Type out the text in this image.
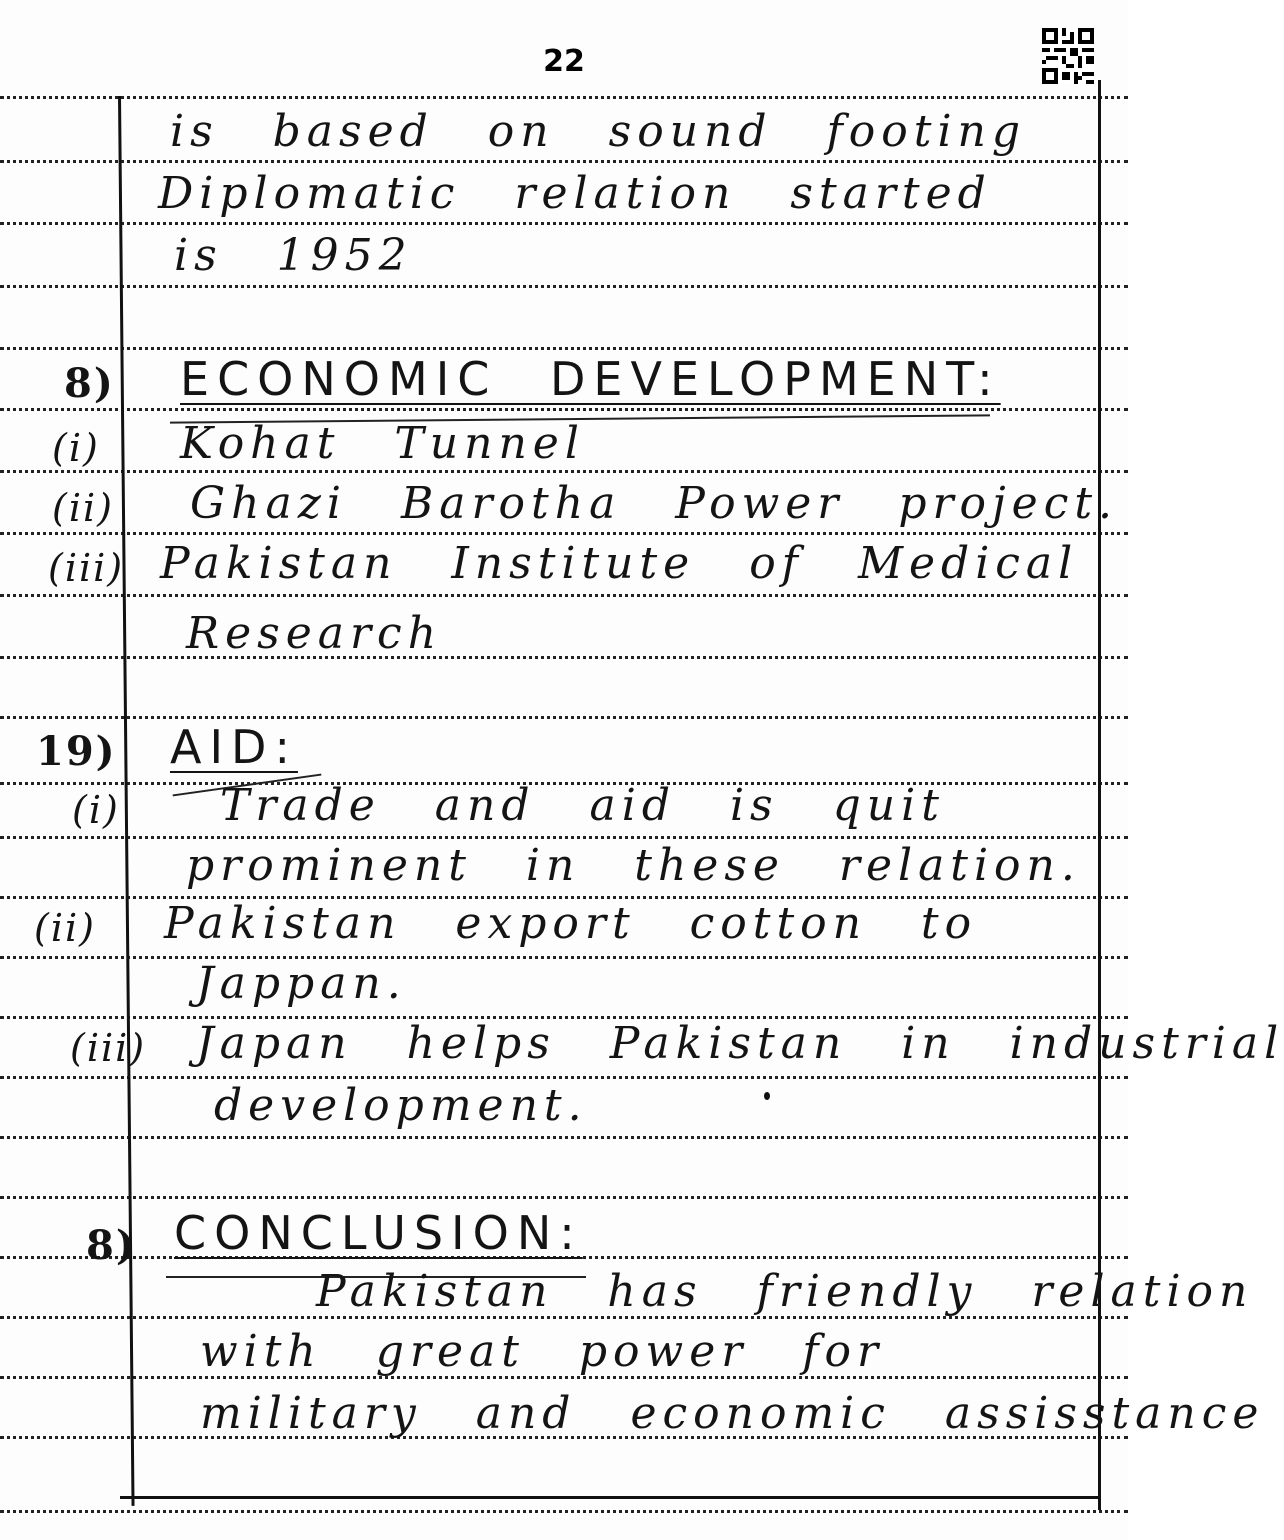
22
is based on sound footing
Diplomatic relation started
is 1952
8) ECONOMIC DEVELOPMENT:
(i) Kohat Tunnel
(ii) Ghazi Barotha Power project.
(iii) Pakistan Institute of Medical
Research
19) AID:
(i) Trade and aid is quit
prominent in these relation.
(ii) Pakistan export cotton to
Jappan.
(iii) Japan helps Pakistan in industrial
development.
8) CONCLUSION:
Pakistan has friendly relation
with great power for
military and economic assisstance
